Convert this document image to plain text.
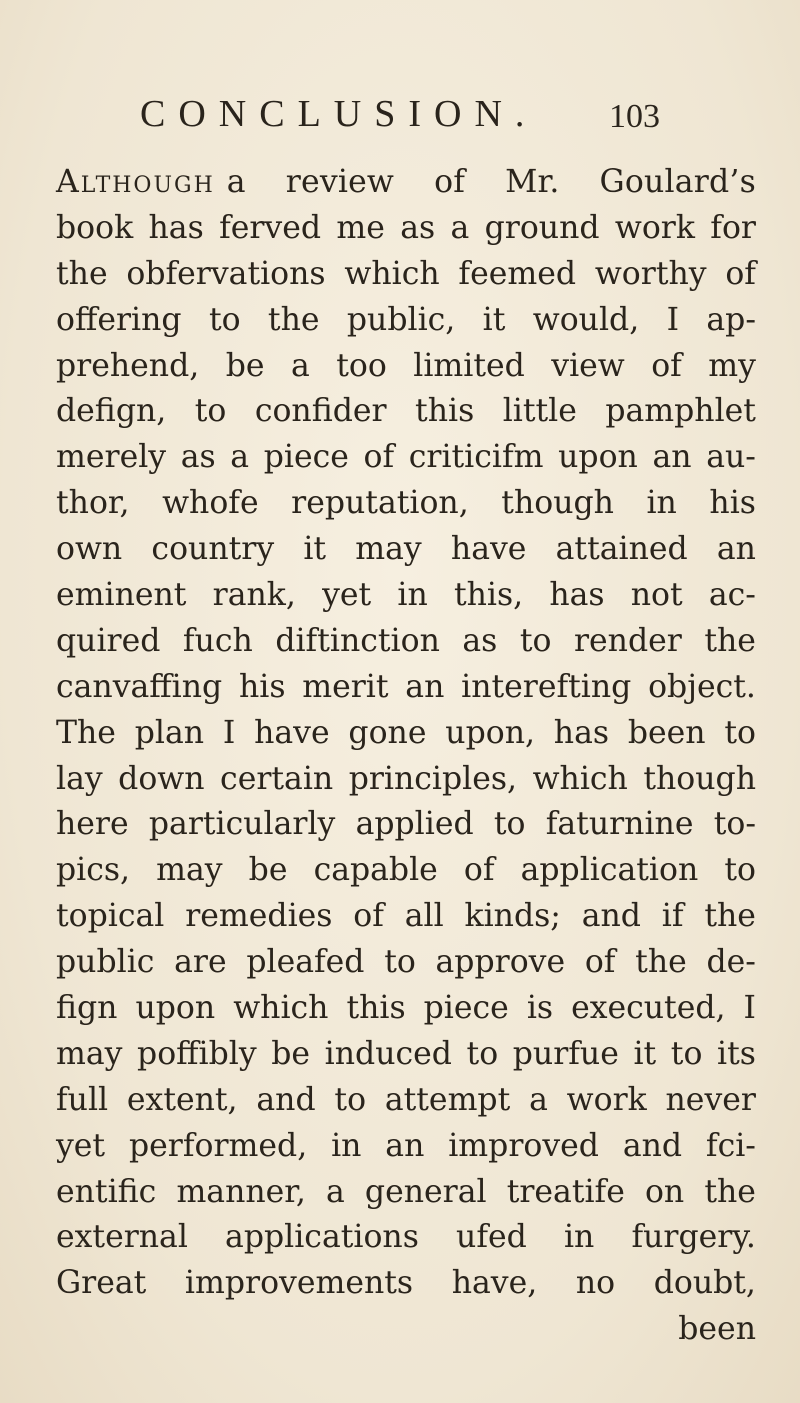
CONCLUSION. 103
Although a review of Mr. Goulard’s
book has ferved me as a ground work for
the obfervations which feemed worthy of
offering to the public, it would, I ap-
prehend, be a too limited view of my
defign, to confider this little pamphlet
merely as a piece of criticifm upon an au-
thor, whofe reputation, though in his
own country it may have attained an
eminent rank, yet in this, has not ac-
quired fuch diftinction as to render the
canvaffing his merit an interefting object.
The plan I have gone upon, has been to
lay down certain principles, which though
here particularly applied to faturnine to-
pics, may be capable of application to
topical remedies of all kinds; and if the
public are pleafed to approve of the de-
fign upon which this piece is executed, I
may poffibly be induced to purfue it to its
full extent, and to attempt a work never
yet performed, in an improved and fci-
entific manner, a general treatife on the
external applications ufed in furgery.
Great improvements have, no doubt,
been
